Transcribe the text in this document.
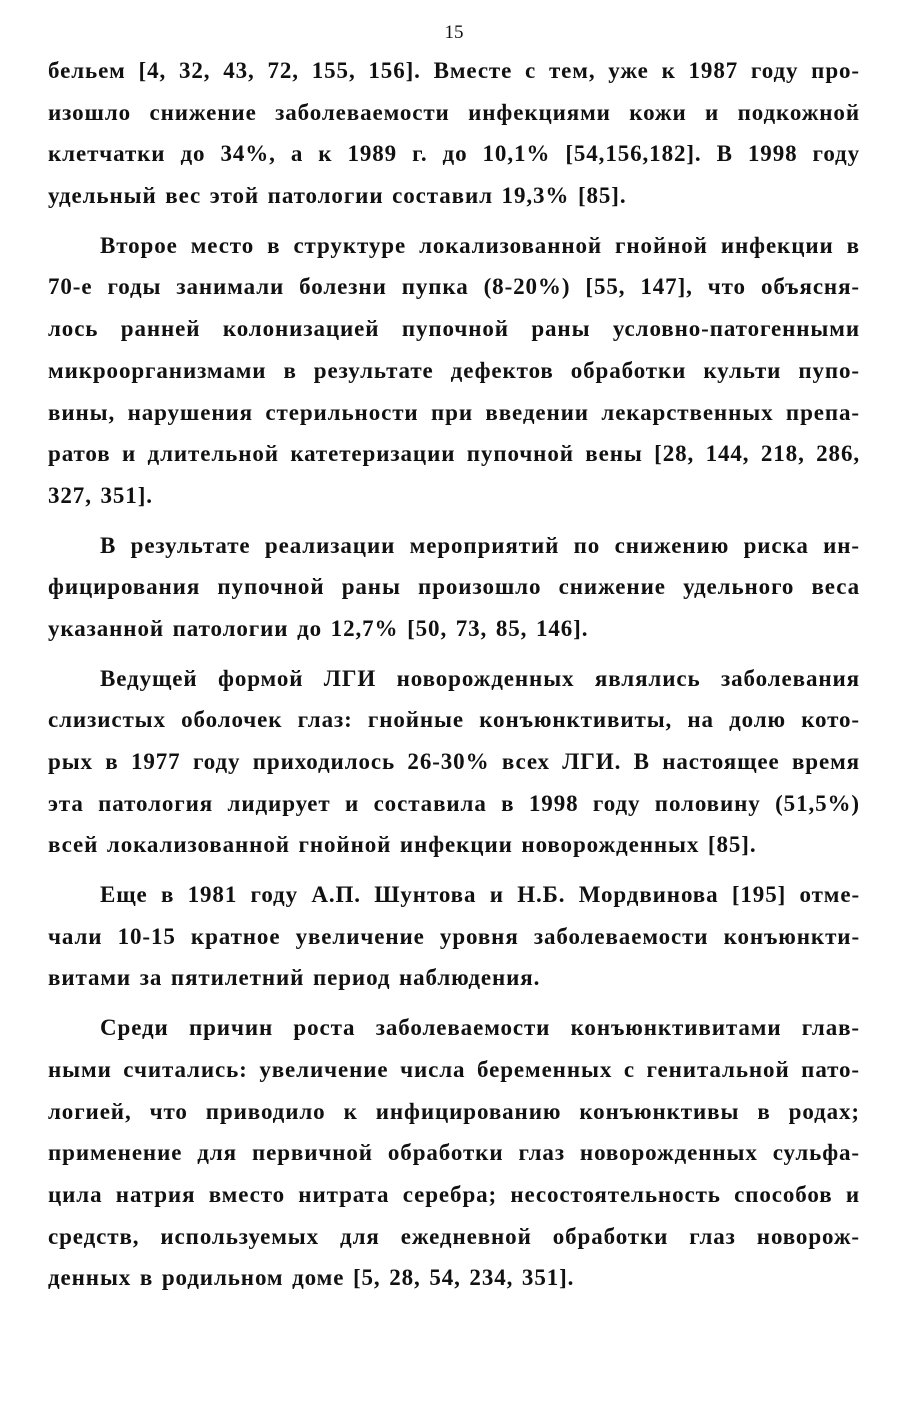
15
бельем [4, 32, 43, 72, 155, 156]. Вместе с тем, уже к 1987 году про-
изошло снижение заболеваемости инфекциями кожи и подкожной
клетчатки до 34%, а к 1989 г. до 10,1% [54,156,182]. В 1998 году
удельный вес этой патологии составил 19,3% [85].
Второе место в структуре локализованной гнойной инфекции в
70-е годы занимали болезни пупка (8-20%) [55, 147], что объясня-
лось ранней колонизацией пупочной раны условно-патогенными
микроорганизмами в результате дефектов обработки культи пупо-
вины, нарушения стерильности при введении лекарственных препа-
ратов и длительной катетеризации пупочной вены [28, 144, 218, 286,
327, 351].
В результате реализации мероприятий по снижению риска ин-
фицирования пупочной раны произошло снижение удельного веса
указанной патологии до 12,7% [50, 73, 85, 146].
Ведущей формой ЛГИ новорожденных являлись заболевания
слизистых оболочек глаз: гнойные конъюнктивиты, на долю кото-
рых в 1977 году приходилось 26-30% всех ЛГИ. В настоящее время
эта патология лидирует и составила в 1998 году половину (51,5%)
всей локализованной гнойной инфекции новорожденных [85].
Еще в 1981 году А.П. Шунтова и Н.Б. Мордвинова [195] отме-
чали 10-15 кратное увеличение уровня заболеваемости конъюнкти-
витами за пятилетний период наблюдения.
Среди причин роста заболеваемости конъюнктивитами глав-
ными считались: увеличение числа беременных с генитальной пато-
логией, что приводило к инфицированию конъюнктивы в родах;
применение для первичной обработки глаз новорожденных сульфа-
цила натрия вместо нитрата серебра; несостоятельность способов и
средств, используемых для ежедневной обработки глаз новорож-
денных в родильном доме [5, 28, 54, 234, 351].
